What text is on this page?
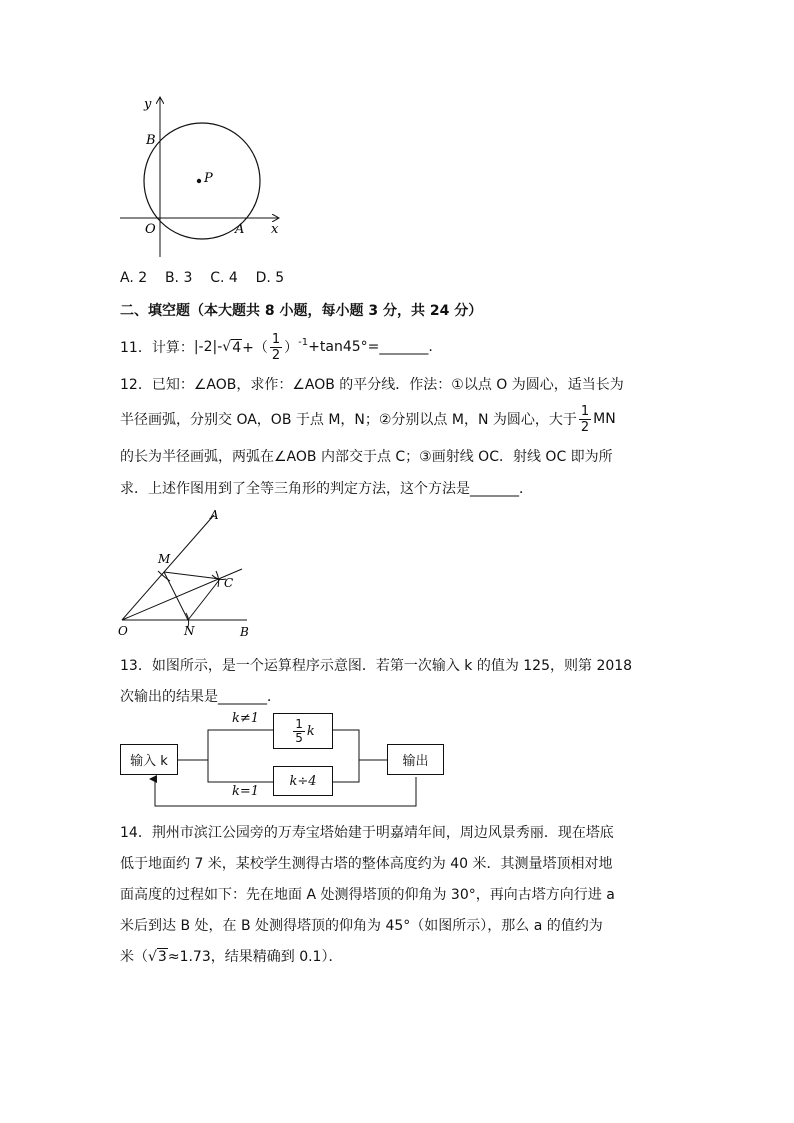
y
x
O	A
B
P
A. 2 B. 3 C. 4 D. 5
二、填空题（本大题共 8 小题，每小题 3 分，共 24 分）
11．计算： |-2| - √ 4 +（ $\frac{1}{2} )^{-1} +\tan 45^\circ=$ _______ .
12．已知：∠AOB，求作：∠AOB 的平分线．作法：①以点 O 为圆心，适当长为
半径画弧，分别交 OA，OB 于点 M，N；②分别以点 M，N 为圆心，大于 $\frac{1}{2}$ MN
的长为半径画弧，两弧在∠AOB 内部交于点 C；③画射线 OC．射线 OC 即为所
求．上述作图用到了全等三角形的判定方法，这个方法是_______．
A
M
C
O	N	B
13．如图所示，是一个运算程序示意图．若第一次输入 k 的值为 125，则第 2018
次输出的结果是_______．
输入 k	输出
$\frac{1}{5}$ k
k÷4
k≠1
k=1
14．荆州市滨江公园旁的万寿宝塔始建于明嘉靖年间，周边风景秀丽．现在塔底
低于地面约 7 米，某校学生测得古塔的整体高度约为 40 米．其测量塔顶相对地
面高度的过程如下：先在地面 A 处测得塔顶的仰角为 30°，再向古塔方向行进 a
米后到达 B 处，在 B 处测得塔顶的仰角为 45°（如图所示），那么 a 的值约为
米（√3≈1.73，结果精确到 0.1）．
